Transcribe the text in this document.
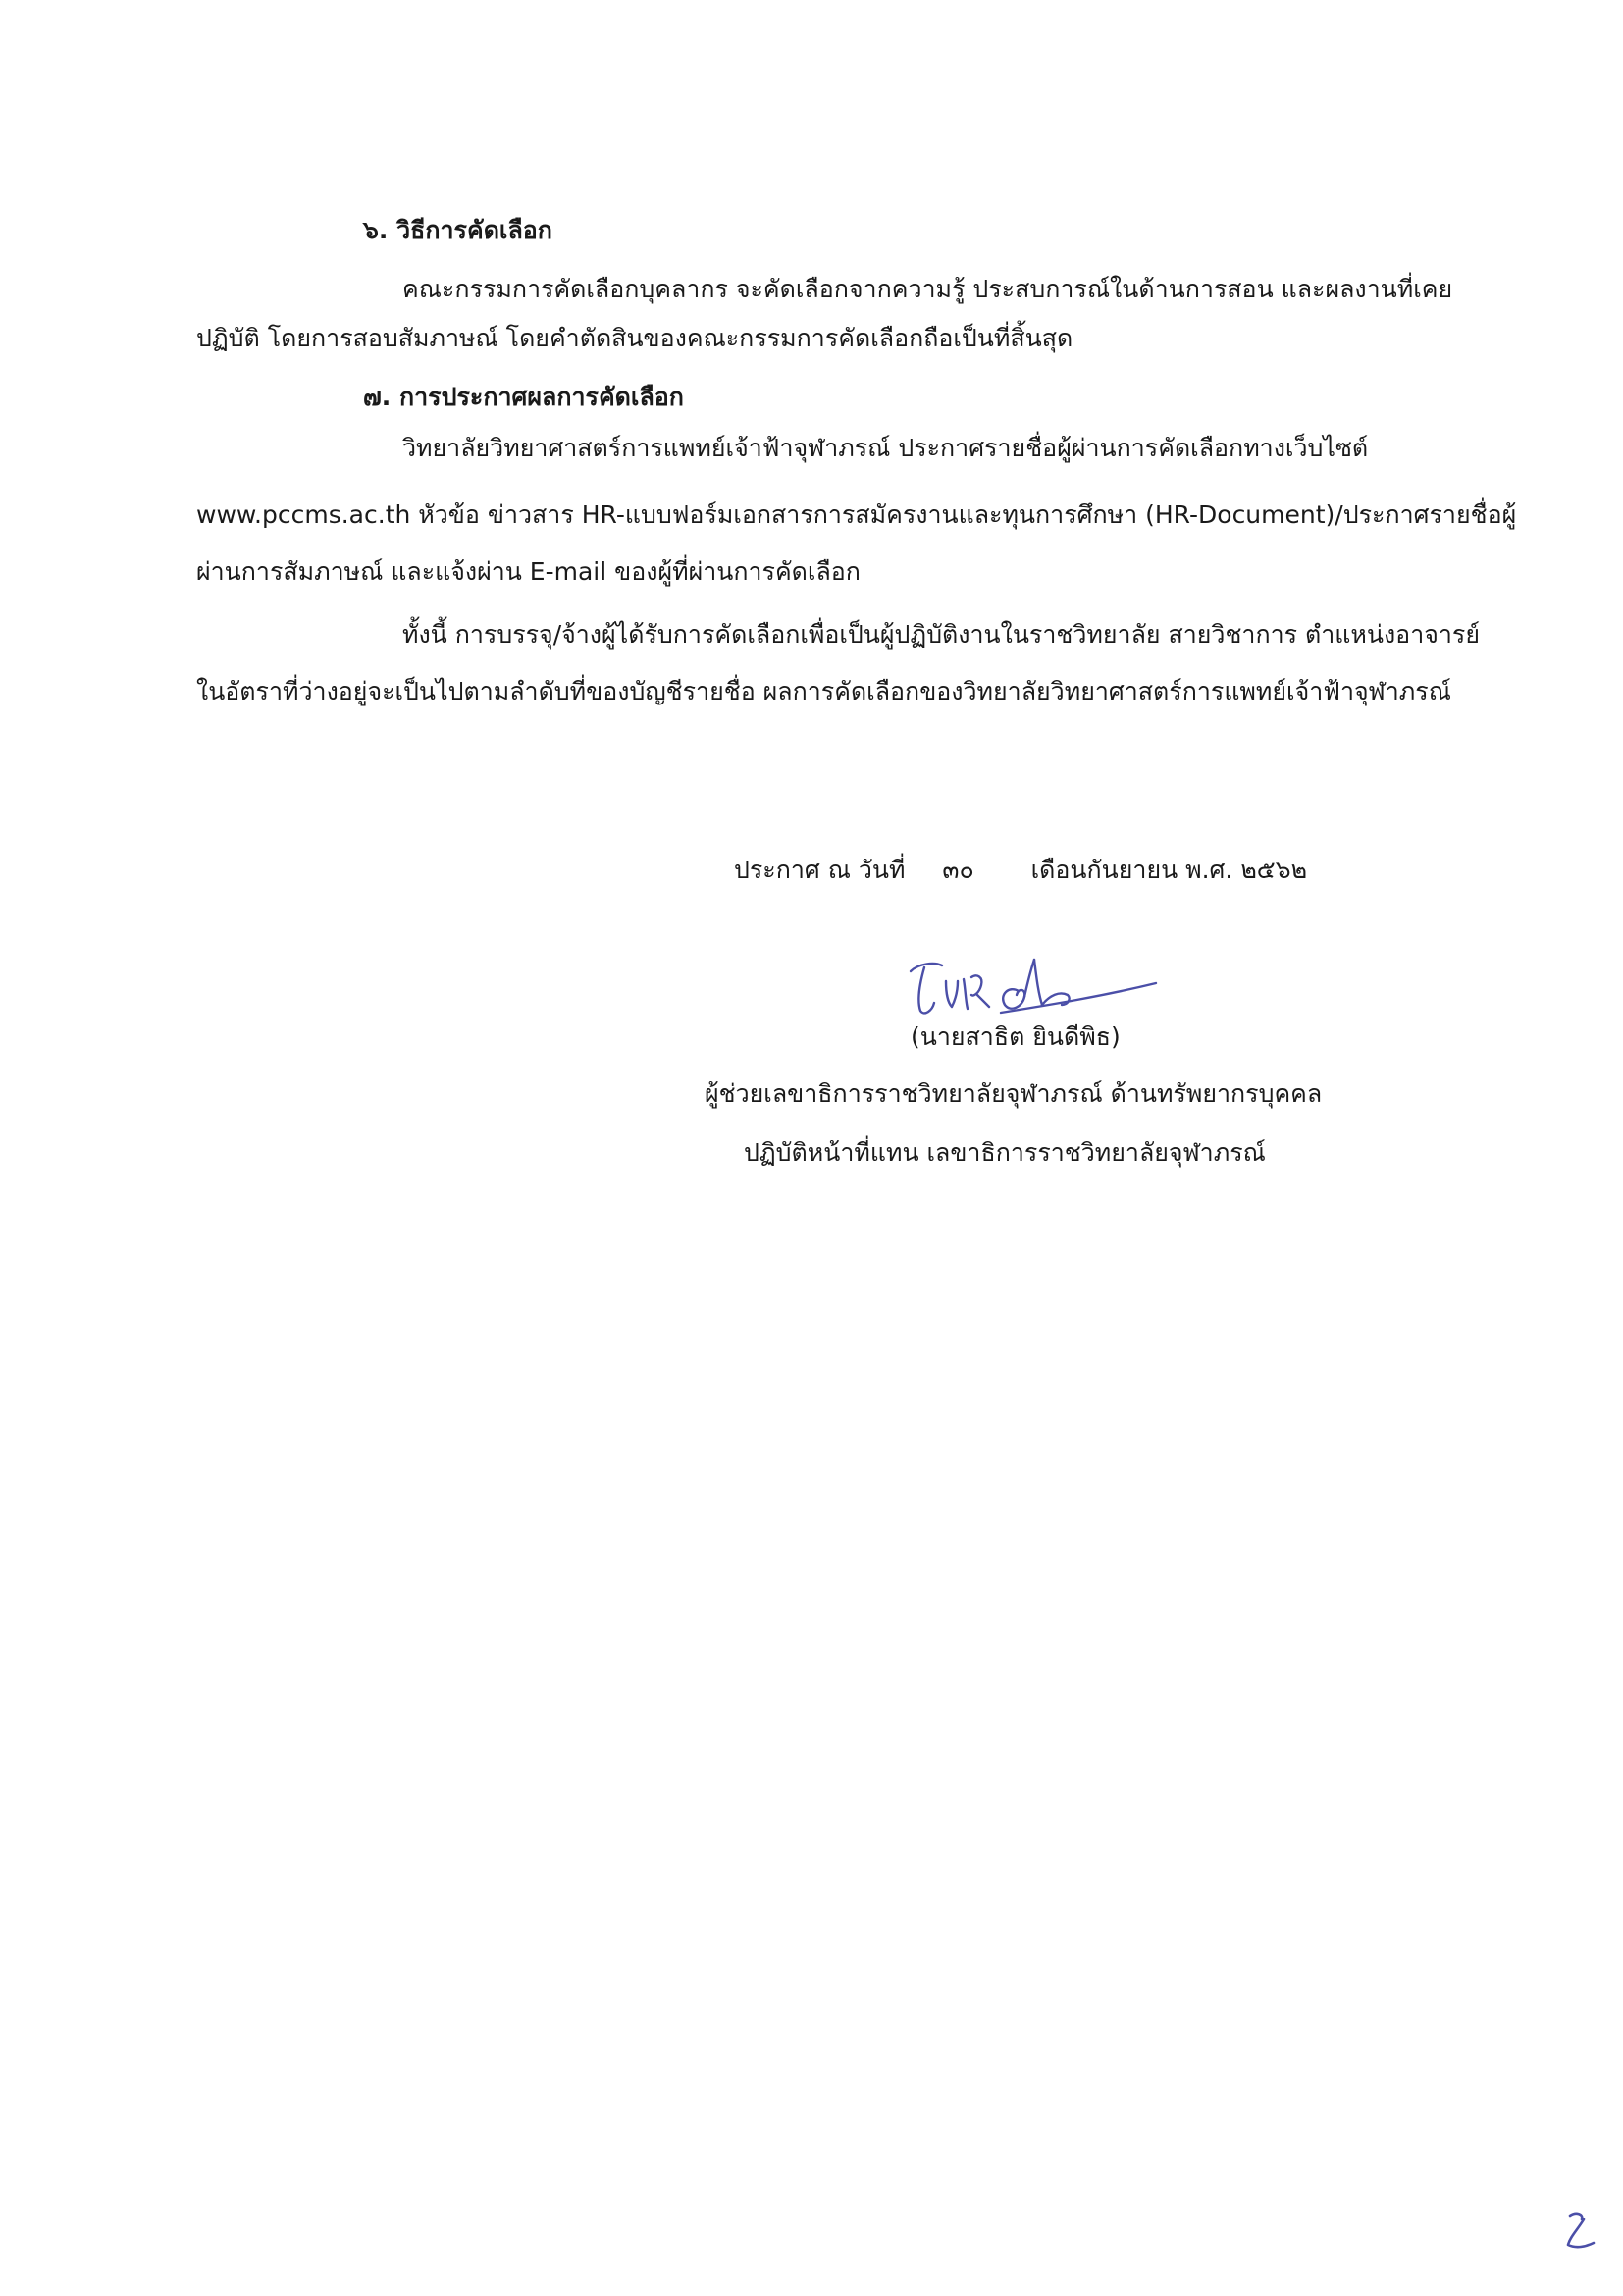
๖. วิธีการคัดเลือก
คณะกรรมการคัดเลือกบุคลากร จะคัดเลือกจากความรู้ ประสบการณ์ในด้านการสอน และผลงานที่เคย
ปฏิบัติ โดยการสอบสัมภาษณ์ โดยคำตัดสินของคณะกรรมการคัดเลือกถือเป็นที่สิ้นสุด
๗. การประกาศผลการคัดเลือก
วิทยาลัยวิทยาศาสตร์การแพทย์เจ้าฟ้าจุฬาภรณ์ ประกาศรายชื่อผู้ผ่านการคัดเลือกทางเว็บไซต์
www.pccms.ac.th หัวข้อ ข่าวสาร HR-แบบฟอร์มเอกสารการสมัครงานและทุนการศึกษา (HR-Document)/ประกาศรายชื่อผู้
ผ่านการสัมภาษณ์ และแจ้งผ่าน E-mail ของผู้ที่ผ่านการคัดเลือก
ทั้งนี้ การบรรจุ/จ้างผู้ได้รับการคัดเลือกเพื่อเป็นผู้ปฏิบัติงานในราชวิทยาลัย สายวิชาการ ตำแหน่งอาจารย์
ในอัตราที่ว่างอยู่จะเป็นไปตามลำดับที่ของบัญชีรายชื่อ ผลการคัดเลือกของวิทยาลัยวิทยาศาสตร์การแพทย์เจ้าฟ้าจุฬาภรณ์
ประกาศ ณ วันที่ ๓๐ เดือนกันยายน พ.ศ. ๒๕๖๒
(นายสาธิต ยินดีพิธ)
ผู้ช่วยเลขาธิการราชวิทยาลัยจุฬาภรณ์ ด้านทรัพยากรบุคคล
ปฏิบัติหน้าที่แทน เลขาธิการราชวิทยาลัยจุฬาภรณ์
